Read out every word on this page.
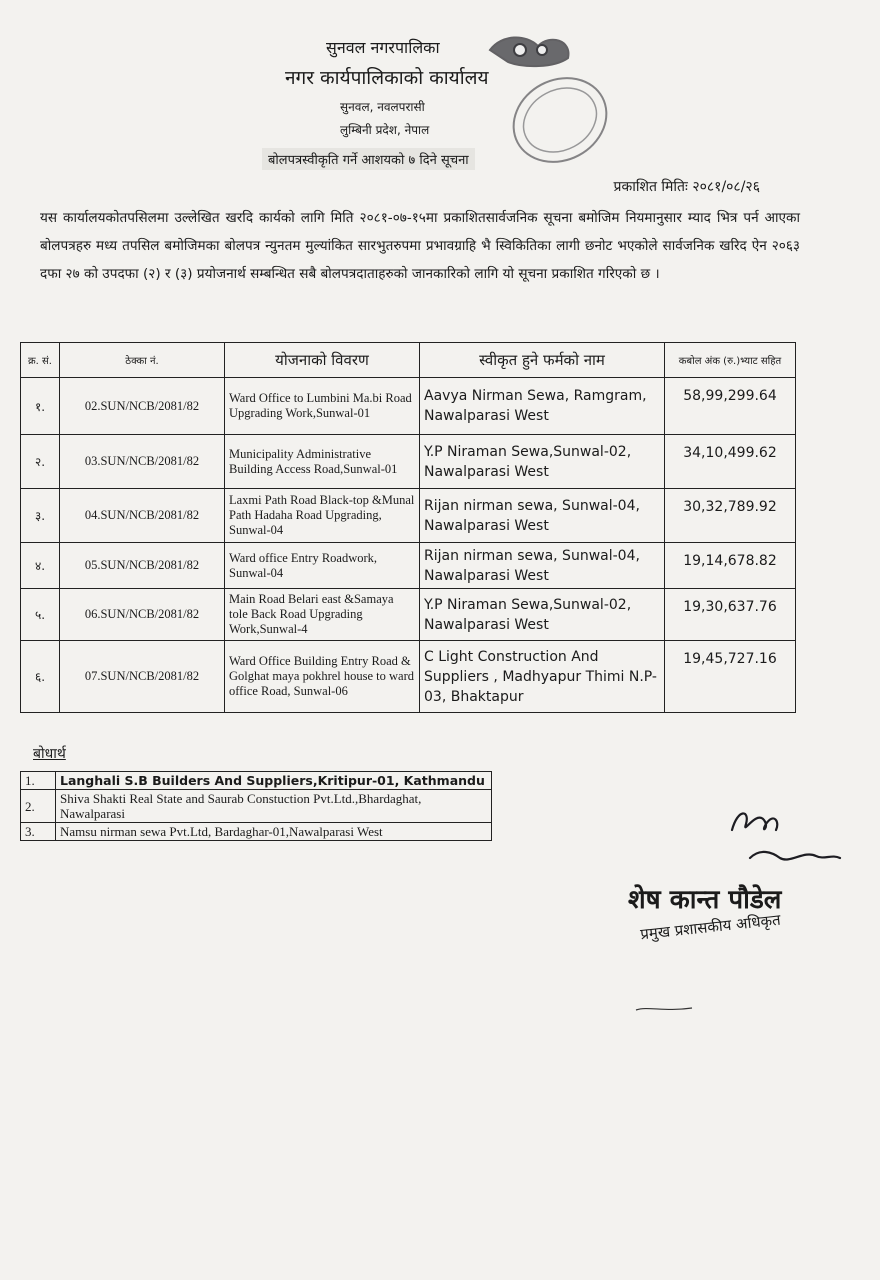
सुनवल नगरपालिका
नगर कार्यपालिकाको कार्यालय
सुनवल, नवलपरासी
लुम्बिनी प्रदेश, नेपाल
बोलपत्रस्वीकृति गर्ने आशयको ७ दिने सूचना
प्रकाशित मितिः २०८१/०८/२६

यस कार्यालयकोतपसिलमा उल्लेखित खरदि कार्यको लागि मिति २०८१-०७-१५मा प्रकाशितसार्वजनिक सूचना बमोजिम नियमानुसार म्याद भित्र पर्न आएका बोलपत्रहरु मध्य तपसिल बमोजिमका बोलपत्र न्युनतम मुल्यांकित सारभुतरुपमा प्रभावग्राहि भै स्विकितिका लागी छनोट भएकोले सार्वजनिक खरिद ऐन २०६३ दफा २७ को उपदफा (२) र (३) प्रयोजनार्थ सम्बन्धित सबै बोलपत्रदाताहरुको जानकारिको लागि यो सूचना प्रकाशित गरिएको छ ।

क्र. सं.	ठेक्का नं.	योजनाको विवरण	स्वीकृत हुने फर्मको नाम	कबोल अंक (रु.)भ्याट सहित
१.	02.SUN/NCB/2081/82	Ward Office to Lumbini Ma.bi Road Upgrading Work,Sunwal-01	Aavya Nirman Sewa, Ramgram, Nawalparasi West	58,99,299.64
२.	03.SUN/NCB/2081/82	Municipality Administrative Building Access Road,Sunwal-01	Y.P Niraman Sewa,Sunwal-02, Nawalparasi West	34,10,499.62
३.	04.SUN/NCB/2081/82	Laxmi Path Road Black-top &Munal Path Hadaha Road Upgrading, Sunwal-04	Rijan nirman sewa, Sunwal-04, Nawalparasi West	30,32,789.92
४.	05.SUN/NCB/2081/82	Ward office Entry Roadwork, Sunwal-04	Rijan nirman sewa, Sunwal-04, Nawalparasi West	19,14,678.82
५.	06.SUN/NCB/2081/82	Main Road Belari east &Samaya tole Back Road Upgrading Work,Sunwal-4	Y.P Niraman Sewa,Sunwal-02, Nawalparasi West	19,30,637.76
६.	07.SUN/NCB/2081/82	Ward Office Building Entry Road & Golghat maya pokhrel house to ward office Road, Sunwal-06	C Light Construction And Suppliers , Madhyapur Thimi N.P-03, Bhaktapur	19,45,727.16
बोधार्थ
1.	Langhali S.B Builders And Suppliers,Kritipur-01, Kathmandu
2.	Shiva Shakti Real State and Saurab Constuction Pvt.Ltd.,Bhardaghat, Nawalparasi
3.	Namsu nirman sewa Pvt.Ltd, Bardaghar-01,Nawalparasi West
शेष कान्त पौडेल
प्रमुख प्रशासकीय अधिकृत
